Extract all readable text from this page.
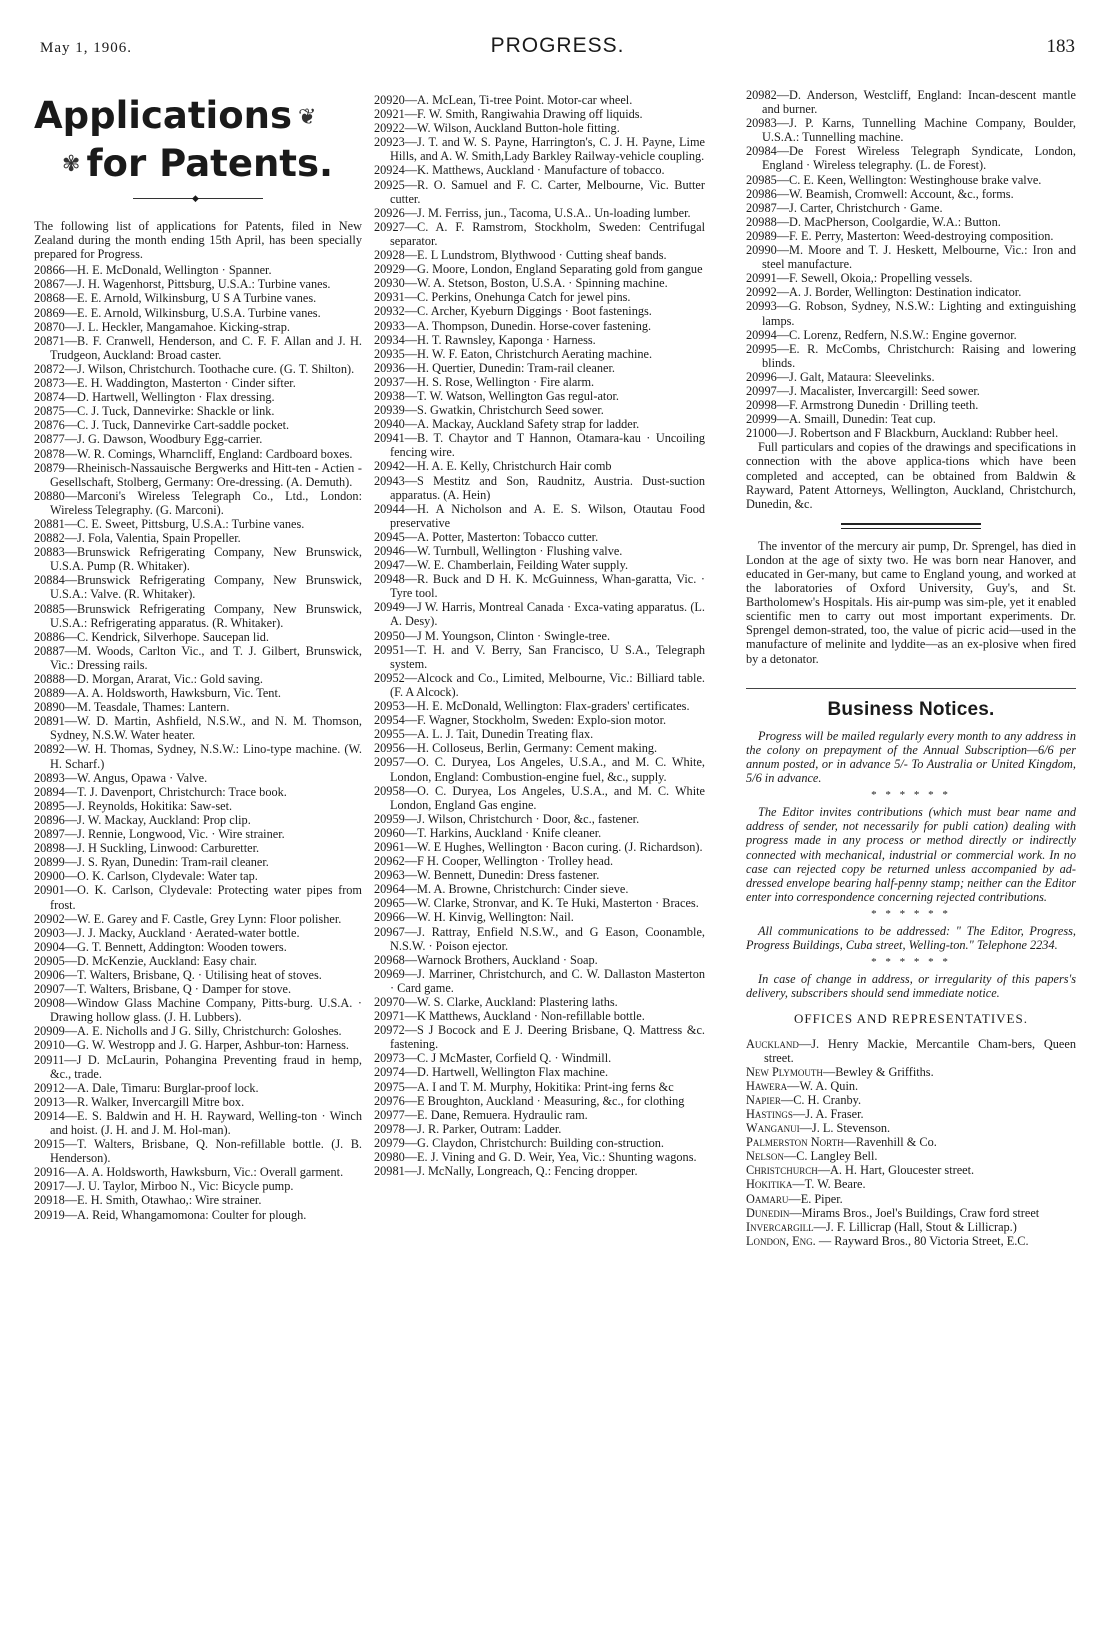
May 1, 1906.	PROGRESS.	183
Applications ❦
✾ for Patents.
◆

The following list of applications for Patents, filed in New Zealand during the month ending 15th April, has been specially prepared for Progress.

20866—H. E. McDonald, Wellington · Spanner.

20867—J. H. Wagenhorst, Pittsburg, U.S.A.: Turbine vanes.

20868—E. E. Arnold, Wilkinsburg, U S A Turbine vanes.

20869—E. E. Arnold, Wilkinsburg, U.S.A. Turbine vanes.

20870—J. L. Heckler, Mangamahoe. Kicking-strap.

20871—B. F. Cranwell, Henderson, and C. F. F. Allan and J. H. Trudgeon, Auckland: Broad caster.

20872—J. Wilson, Christchurch. Toothache cure. (G. T. Shilton).

20873—E. H. Waddington, Masterton · Cinder sifter.

20874—D. Hartwell, Wellington · Flax dressing.

20875—C. J. Tuck, Dannevirke: Shackle or link.

20876—C. J. Tuck, Dannevirke Cart-saddle pocket.

20877—J. G. Dawson, Woodbury Egg-carrier.

20878—W. R. Comings, Wharncliff, England: Cardboard boxes.

20879—Rheinisch-Nassauische Bergwerks and Hitt-ten - Actien - Gesellschaft, Stolberg, Germany: Ore-dressing. (A. Demuth).

20880—Marconi's Wireless Telegraph Co., Ltd., London: Wireless Telegraphy. (G. Marconi).

20881—C. E. Sweet, Pittsburg, U.S.A.: Turbine vanes.

20882—J. Fola, Valentia, Spain Propeller.

20883—Brunswick Refrigerating Company, New Brunswick, U.S.A. Pump (R. Whitaker).

20884—Brunswick Refrigerating Company, New Brunswick, U.S.A.: Valve. (R. Whitaker).

20885—Brunswick Refrigerating Company, New Brunswick, U.S.A.: Refrigerating apparatus. (R. Whitaker).

20886—C. Kendrick, Silverhope. Saucepan lid.

20887—M. Woods, Carlton Vic., and T. J. Gilbert, Brunswick, Vic.: Dressing rails.

20888—D. Morgan, Ararat, Vic.: Gold saving.

20889—A. A. Holdsworth, Hawksburn, Vic. Tent.

20890—M. Teasdale, Thames: Lantern.

20891—W. D. Martin, Ashfield, N.S.W., and N. M. Thomson, Sydney, N.S.W. Water heater.

20892—W. H. Thomas, Sydney, N.S.W.: Lino-type machine. (W. H. Scharf.)

20893—W. Angus, Opawa · Valve.

20894—T. J. Davenport, Christchurch: Trace book.

20895—J. Reynolds, Hokitika: Saw-set.

20896—J. W. Mackay, Auckland: Prop clip.

20897—J. Rennie, Longwood, Vic. · Wire strainer.

20898—J. H Suckling, Linwood: Carburetter.

20899—J. S. Ryan, Dunedin: Tram-rail cleaner.

20900—O. K. Carlson, Clydevale: Water tap.

20901—O. K. Carlson, Clydevale: Protecting water pipes from frost.

20902—W. E. Garey and F. Castle, Grey Lynn: Floor polisher.

20903—J. J. Macky, Auckland · Aerated-water bottle.

20904—G. T. Bennett, Addington: Wooden towers.

20905—D. McKenzie, Auckland: Easy chair.

20906—T. Walters, Brisbane, Q. · Utilising heat of stoves.

20907—T. Walters, Brisbane, Q · Damper for stove.

20908—Window Glass Machine Company, Pitts-burg. U.S.A. · Drawing hollow glass. (J. H. Lubbers).

20909—A. E. Nicholls and J G. Silly, Christchurch: Goloshes.

20910—G. W. Westropp and J. G. Harper, Ashbur-ton: Harness.

20911—J D. McLaurin, Pohangina Preventing fraud in hemp, &c., trade.

20912—A. Dale, Timaru: Burglar-proof lock.

20913—R. Walker, Invercargill Mitre box.

20914—E. S. Baldwin and H. H. Rayward, Welling-ton · Winch and hoist. (J. H. and J. M. Hol-man).

20915—T. Walters, Brisbane, Q. Non-refillable bottle. (J. B. Henderson).

20916—A. A. Holdsworth, Hawksburn, Vic.: Overall garment.

20917—J. U. Taylor, Mirboo N., Vic: Bicycle pump.

20918—E. H. Smith, Otawhao,: Wire strainer.

20919—A. Reid, Whangamomona: Coulter for plough.

20920—A. McLean, Ti-tree Point. Motor-car wheel.

20921—F. W. Smith, Rangiwahia Drawing off liquids.

20922—W. Wilson, Auckland Button-hole fitting.

20923—J. T. and W. S. Payne, Harrington's, C. J. H. Payne, Lime Hills, and A. W. Smith,Lady Barkley Railway-vehicle coupling.

20924—K. Matthews, Auckland · Manufacture of tobacco.

20925—R. O. Samuel and F. C. Carter, Melbourne, Vic. Butter cutter.

20926—J. M. Ferriss, jun., Tacoma, U.S.A.. Un-loading lumber.

20927—C. A. F. Ramstrom, Stockholm, Sweden: Centrifugal separator.

20928—E. L Lundstrom, Blythwood · Cutting sheaf bands.

20929—G. Moore, London, England Separating gold from gangue

20930—W. A. Stetson, Boston, U.S.A. · Spinning machine.

20931—C. Perkins, Onehunga Catch for jewel pins.

20932—C. Archer, Kyeburn Diggings · Boot fastenings.

20933—A. Thompson, Dunedin. Horse-cover fastening.

20934—H. T. Rawnsley, Kaponga · Harness.

20935—H. W. F. Eaton, Christchurch Aerating machine.

20936—H. Quertier, Dunedin: Tram-rail cleaner.

20937—H. S. Rose, Wellington · Fire alarm.

20938—T. W. Watson, Wellington Gas regul-ator.

20939—S. Gwatkin, Christchurch Seed sower.

20940—A. Mackay, Auckland Safety strap for ladder.

20941—B. T. Chaytor and T Hannon, Otamara-kau · Uncoiling fencing wire.

20942—H. A. E. Kelly, Christchurch Hair comb

20943—S Mestitz and Son, Raudnitz, Austria. Dust-suction apparatus. (A. Hein)

20944—H. A Nicholson and A. E. S. Wilson, Otautau Food preservative

20945—A. Potter, Masterton: Tobacco cutter.

20946—W. Turnbull, Wellington · Flushing valve.

20947—W. E. Chamberlain, Feilding Water supply.

20948—R. Buck and D H. K. McGuinness, Whan-garatta, Vic. · Tyre tool.

20949—J W. Harris, Montreal Canada · Exca-vating apparatus. (L. A. Desy).

20950—J M. Youngson, Clinton · Swingle-tree.

20951—T. H. and V. Berry, San Francisco, U S.A., Telegraph system.

20952—Alcock and Co., Limited, Melbourne, Vic.: Billiard table. (F. A Alcock).

20953—H. E. McDonald, Wellington: Flax-graders' certificates.

20954—F. Wagner, Stockholm, Sweden: Explo-sion motor.

20955—A. L. J. Tait, Dunedin Treating flax.

20956—H. Colloseus, Berlin, Germany: Cement making.

20957—O. C. Duryea, Los Angeles, U.S.A., and M. C. White, London, England: Combustion-engine fuel, &c., supply.

20958—O. C. Duryea, Los Angeles, U.S.A., and M. C. White London, England Gas engine.

20959—J. Wilson, Christchurch · Door, &c., fastener.

20960—T. Harkins, Auckland · Knife cleaner.

20961—W. E Hughes, Wellington · Bacon curing. (J. Richardson).

20962—F H. Cooper, Wellington · Trolley head.

20963—W. Bennett, Dunedin: Dress fastener.

20964—M. A. Browne, Christchurch: Cinder sieve.

20965—W. Clarke, Stronvar, and K. Te Huki, Masterton · Braces.

20966—W. H. Kinvig, Wellington: Nail.

20967—J. Rattray, Enfield N.S.W., and G Eason, Coonamble, N.S.W. · Poison ejector.

20968—Warnock Brothers, Auckland · Soap.

20969—J. Marriner, Christchurch, and C. W. Dallaston Masterton · Card game.

20970—W. S. Clarke, Auckland: Plastering laths.

20971—K Matthews, Auckland · Non-refillable bottle.

20972—S J Bocock and E J. Deering Brisbane, Q. Mattress &c. fastening.

20973—C. J McMaster, Corfield Q. · Windmill.

20974—D. Hartwell, Wellington Flax machine.

20975—A. I and T. M. Murphy, Hokitika: Print-ing ferns &c

20976—E Broughton, Auckland · Measuring, &c., for clothing

20977—E. Dane, Remuera. Hydraulic ram.

20978—J. R. Parker, Outram: Ladder.

20979—G. Claydon, Christchurch: Building con-struction.

20980—E. J. Vining and G. D. Weir, Yea, Vic.: Shunting wagons.

20981—J. McNally, Longreach, Q.: Fencing dropper.

20982—D. Anderson, Westcliff, England: Incan-descent mantle and burner.

20983—J. P. Karns, Tunnelling Machine Company, Boulder, U.S.A.: Tunnelling machine.

20984—De Forest Wireless Telegraph Syndicate, London, England · Wireless telegraphy. (L. de Forest).

20985—C. E. Keen, Wellington: Westinghouse brake valve.

20986—W. Beamish, Cromwell: Account, &c., forms.

20987—J. Carter, Christchurch · Game.

20988—D. MacPherson, Coolgardie, W.A.: Button.

20989—F. E. Perry, Masterton: Weed-destroying composition.

20990—M. Moore and T. J. Heskett, Melbourne, Vic.: Iron and steel manufacture.

20991—F. Sewell, Okoia,: Propelling vessels.

20992—A. J. Border, Wellington: Destination indicator.

20993—G. Robson, Sydney, N.S.W.: Lighting and extinguishing lamps.

20994—C. Lorenz, Redfern, N.S.W.: Engine governor.

20995—E. R. McCombs, Christchurch: Raising and lowering blinds.

20996—J. Galt, Mataura: Sleevelinks.

20997—J. Macalister, Invercargill: Seed sower.

20998—F. Armstrong Dunedin · Drilling teeth.

20999—A. Smaill, Dunedin: Teat cup.

21000—J. Robertson and F Blackburn, Auckland: Rubber heel.

Full particulars and copies of the drawings and specifications in connection with the above applica-tions which have been completed and accepted, can be obtained from Baldwin & Rayward, Patent Attorneys, Wellington, Auckland, Christchurch, Dunedin, &c.

The inventor of the mercury air pump, Dr. Sprengel, has died in London at the age of sixty two. He was born near Hanover, and educated in Ger-many, but came to England young, and worked at the laboratories of Oxford University, Guy's, and St. Bartholomew's Hospitals. His air-pump was sim-ple, yet it enabled scientific men to carry out most important experiments. Dr. Sprengel demon-strated, too, the value of picric acid—used in the manufacture of melinite and lyddite—as an ex-plosive when fired by a detonator.

Business Notices.

Progress will be mailed regularly every month to any address in the colony on prepayment of the Annual Subscription—6/6 per annum posted, or in advance 5/- To Australia or United Kingdom, 5/6 in advance.

* * * * * *

The Editor invites contributions (which must bear name and address of sender, not necessarily for publi cation) dealing with progress made in any process or method directly or indirectly connected with mechanical, industrial or commercial work. In no case can rejected copy be returned unless accompanied by ad-dressed envelope bearing half-penny stamp; neither can the Editor enter into correspondence concerning rejected contributions.

* * * * * *

All communications to be addressed: " The Editor, Progress, Progress Buildings, Cuba street, Welling-ton." Telephone 2234.

* * * * * *

In case of change in address, or irregularity of this papers's delivery, subscribers should send immediate notice.

OFFICES AND REPRESENTATIVES.

Auckland—J. Henry Mackie, Mercantile Cham-bers, Queen street.

New Plymouth—Bewley & Griffiths.

Hawera—W. A. Quin.

Napier—C. H. Cranby.

Hastings—J. A. Fraser.

Wanganui—J. L. Stevenson.

Palmerston North—Ravenhill & Co.

Nelson—C. Langley Bell.

Christchurch—A. H. Hart, Gloucester street.

Hokitika—T. W. Beare.

Oamaru—E. Piper.

Dunedin—Mirams Bros., Joel's Buildings, Craw ford street

Invercargill—J. F. Lillicrap (Hall, Stout & Lillicrap.)

London, Eng. — Rayward Bros., 80 Victoria Street, E.C.
